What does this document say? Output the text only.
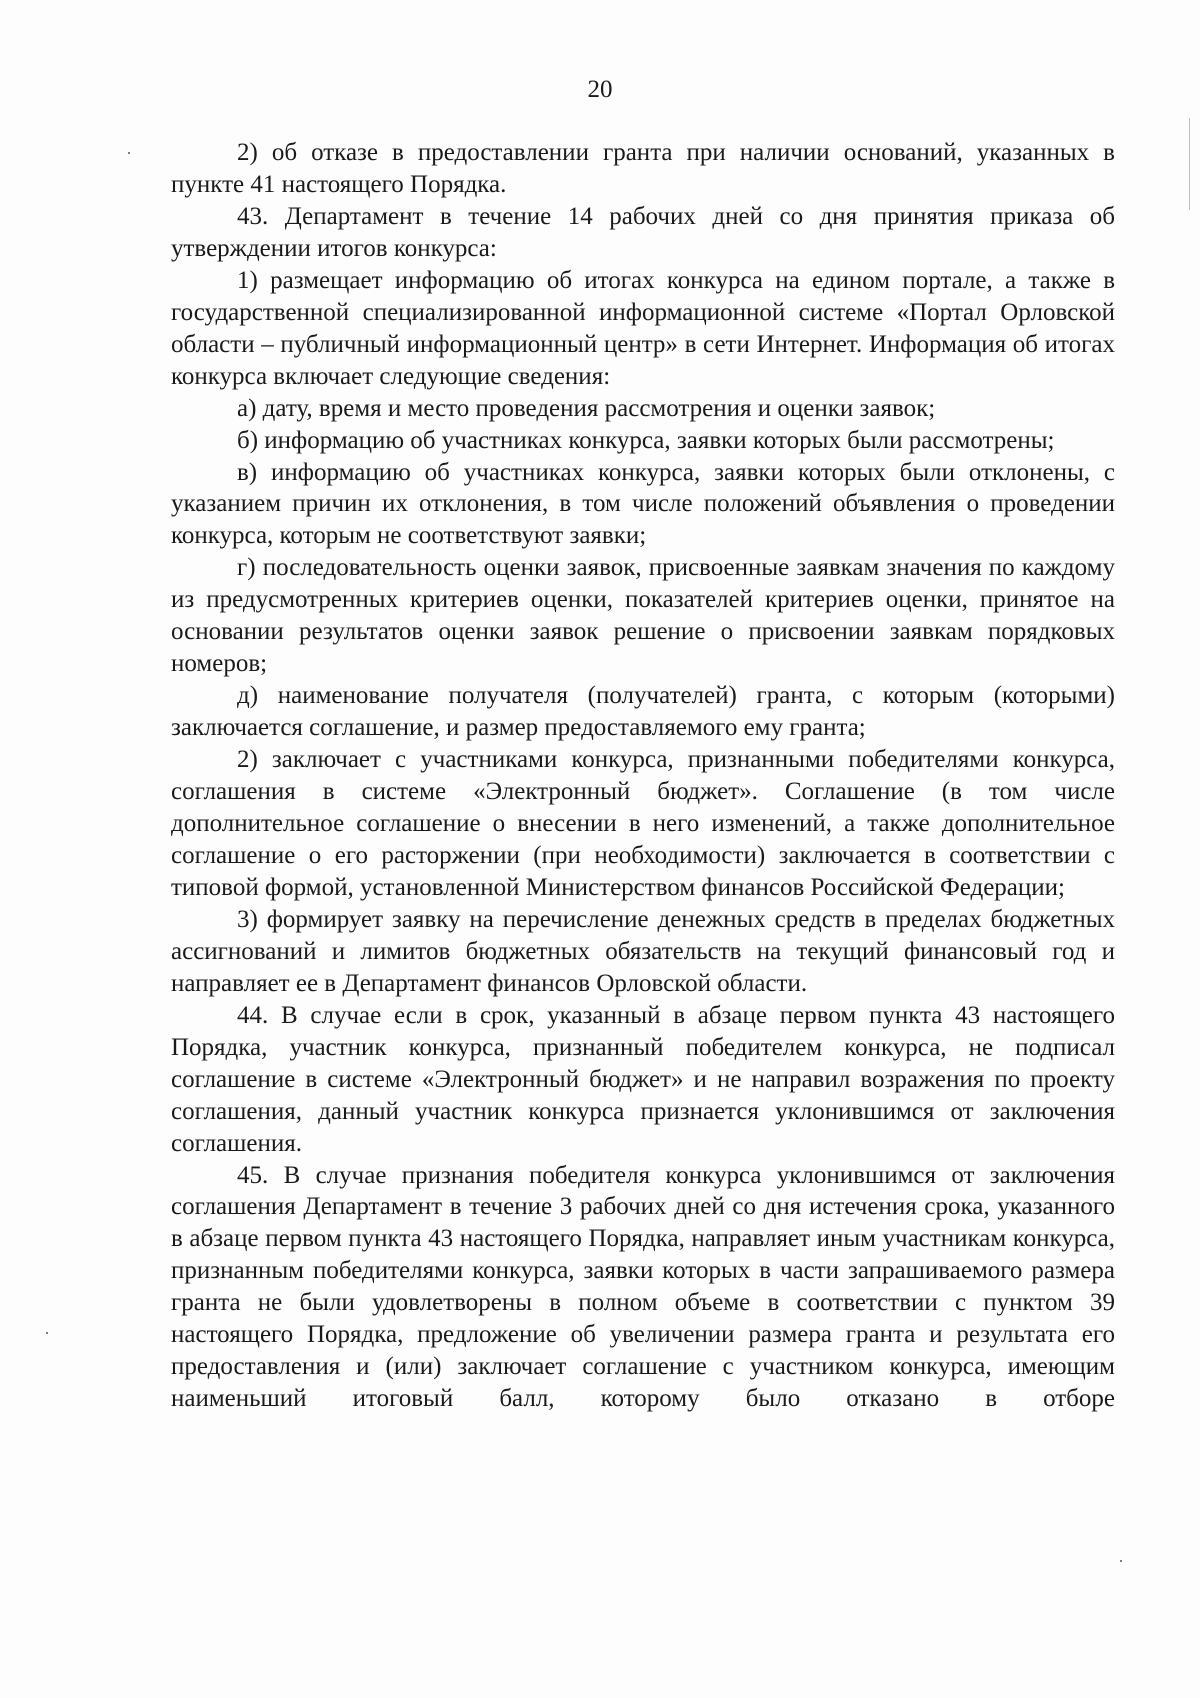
20

2) об отказе в предоставлении гранта при наличии оснований, указанных в пункте 41 настоящего Порядка.

43. Департамент в течение 14 рабочих дней со дня принятия приказа об утверждении итогов конкурса:

1) размещает информацию об итогах конкурса на едином портале, а также в государственной специализированной информационной системе «Портал Орловской области – публичный информационный центр» в сети Интернет. Информация об итогах конкурса включает следующие сведения:

а) дату, время и место проведения рассмотрения и оценки заявок;

б) информацию об участниках конкурса, заявки которых были рассмотрены;

в) информацию об участниках конкурса, заявки которых были отклонены, с указанием причин их отклонения, в том числе положений объявления о проведении конкурса, которым не соответствуют заявки;

г) последовательность оценки заявок, присвоенные заявкам значения по каждому из предусмотренных критериев оценки, показателей критериев оценки, принятое на основании результатов оценки заявок решение о присвоении заявкам порядковых номеров;

д) наименование получателя (получателей) гранта, с которым (которыми) заключается соглашение, и размер предоставляемого ему гранта;

2) заключает с участниками конкурса, признанными победителями конкурса, соглашения в системе «Электронный бюджет». Соглашение (в том числе дополнительное соглашение о внесении в него изменений, а также дополнительное соглашение о его расторжении (при необходимости) заключается в соответствии с типовой формой, установленной Министерством финансов Российской Федерации;

3) формирует заявку на перечисление денежных средств в пределах бюджетных ассигнований и лимитов бюджетных обязательств на текущий финансовый год и направляет ее в Департамент финансов Орловской области.

44. В случае если в срок, указанный в абзаце первом пункта 43 настоящего Порядка, участник конкурса, признанный победителем конкурса, не подписал соглашение в системе «Электронный бюджет» и не направил возражения по проекту соглашения, данный участник конкурса признается уклонившимся от заключения соглашения.

45. В случае признания победителя конкурса уклонившимся от заключения соглашения Департамент в течение 3 рабочих дней со дня истечения срока, указанного в абзаце первом пункта 43 настоящего Порядка, направляет иным участникам конкурса, признанным победителями конкурса, заявки которых в части запрашиваемого размера гранта не были удовлетворены в полном объеме в соответствии с пунктом 39 настоящего Порядка, предложение об увеличении размера гранта и результата его предоставления и (или) заключает соглашение с участником конкурса, имеющим наименьший итоговый балл, которому было отказано в отборе
